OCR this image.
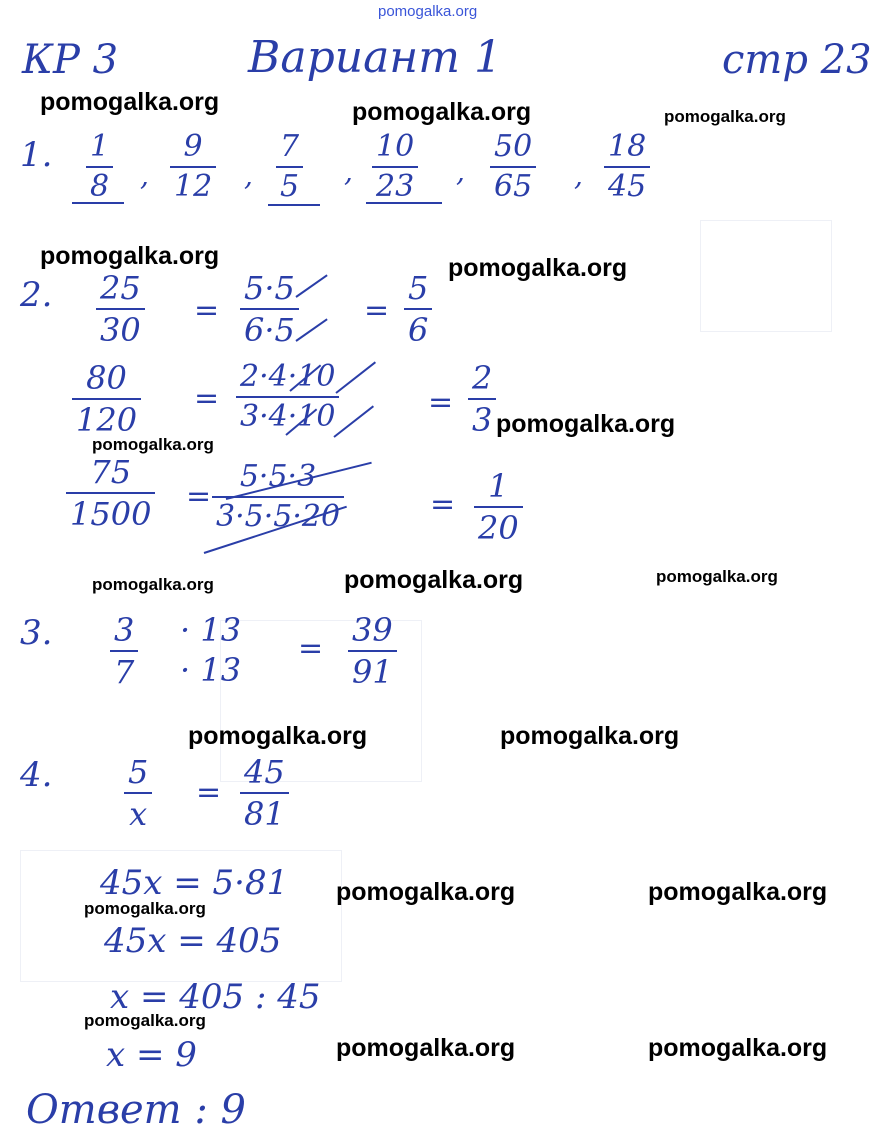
pomogalka.org
КР 3	Вариант 1	стр 23
pomogalka.org	pomogalka.org	pomogalka.org
pomogalka.org	pomogalka.org
pomogalka.org
pomogalka.org
pomogalka.org	pomogalka.org	pomogalka.org
pomogalka.org	pomogalka.org
pomogalka.org	pomogalka.org
pomogalka.org
pomogalka.org
pomogalka.org	pomogalka.org
1. 1
8 ,
9
12 ,
7
5 ,
10
23 ,
50
65 ,
18
45
2. 25
30
=
5·5
6·5
=
5
6
80
120
=
2·4·10
3·4·10	=
2
3
75
1500 =
5·5·3
3·5·5·20	= 1
20
3. 3
7
· 13
· 13
= 39
91
4. 5
x
=
45
81
45x = 5·81
45x = 405
x = 405 : 45
x = 9
Ответ : 9
